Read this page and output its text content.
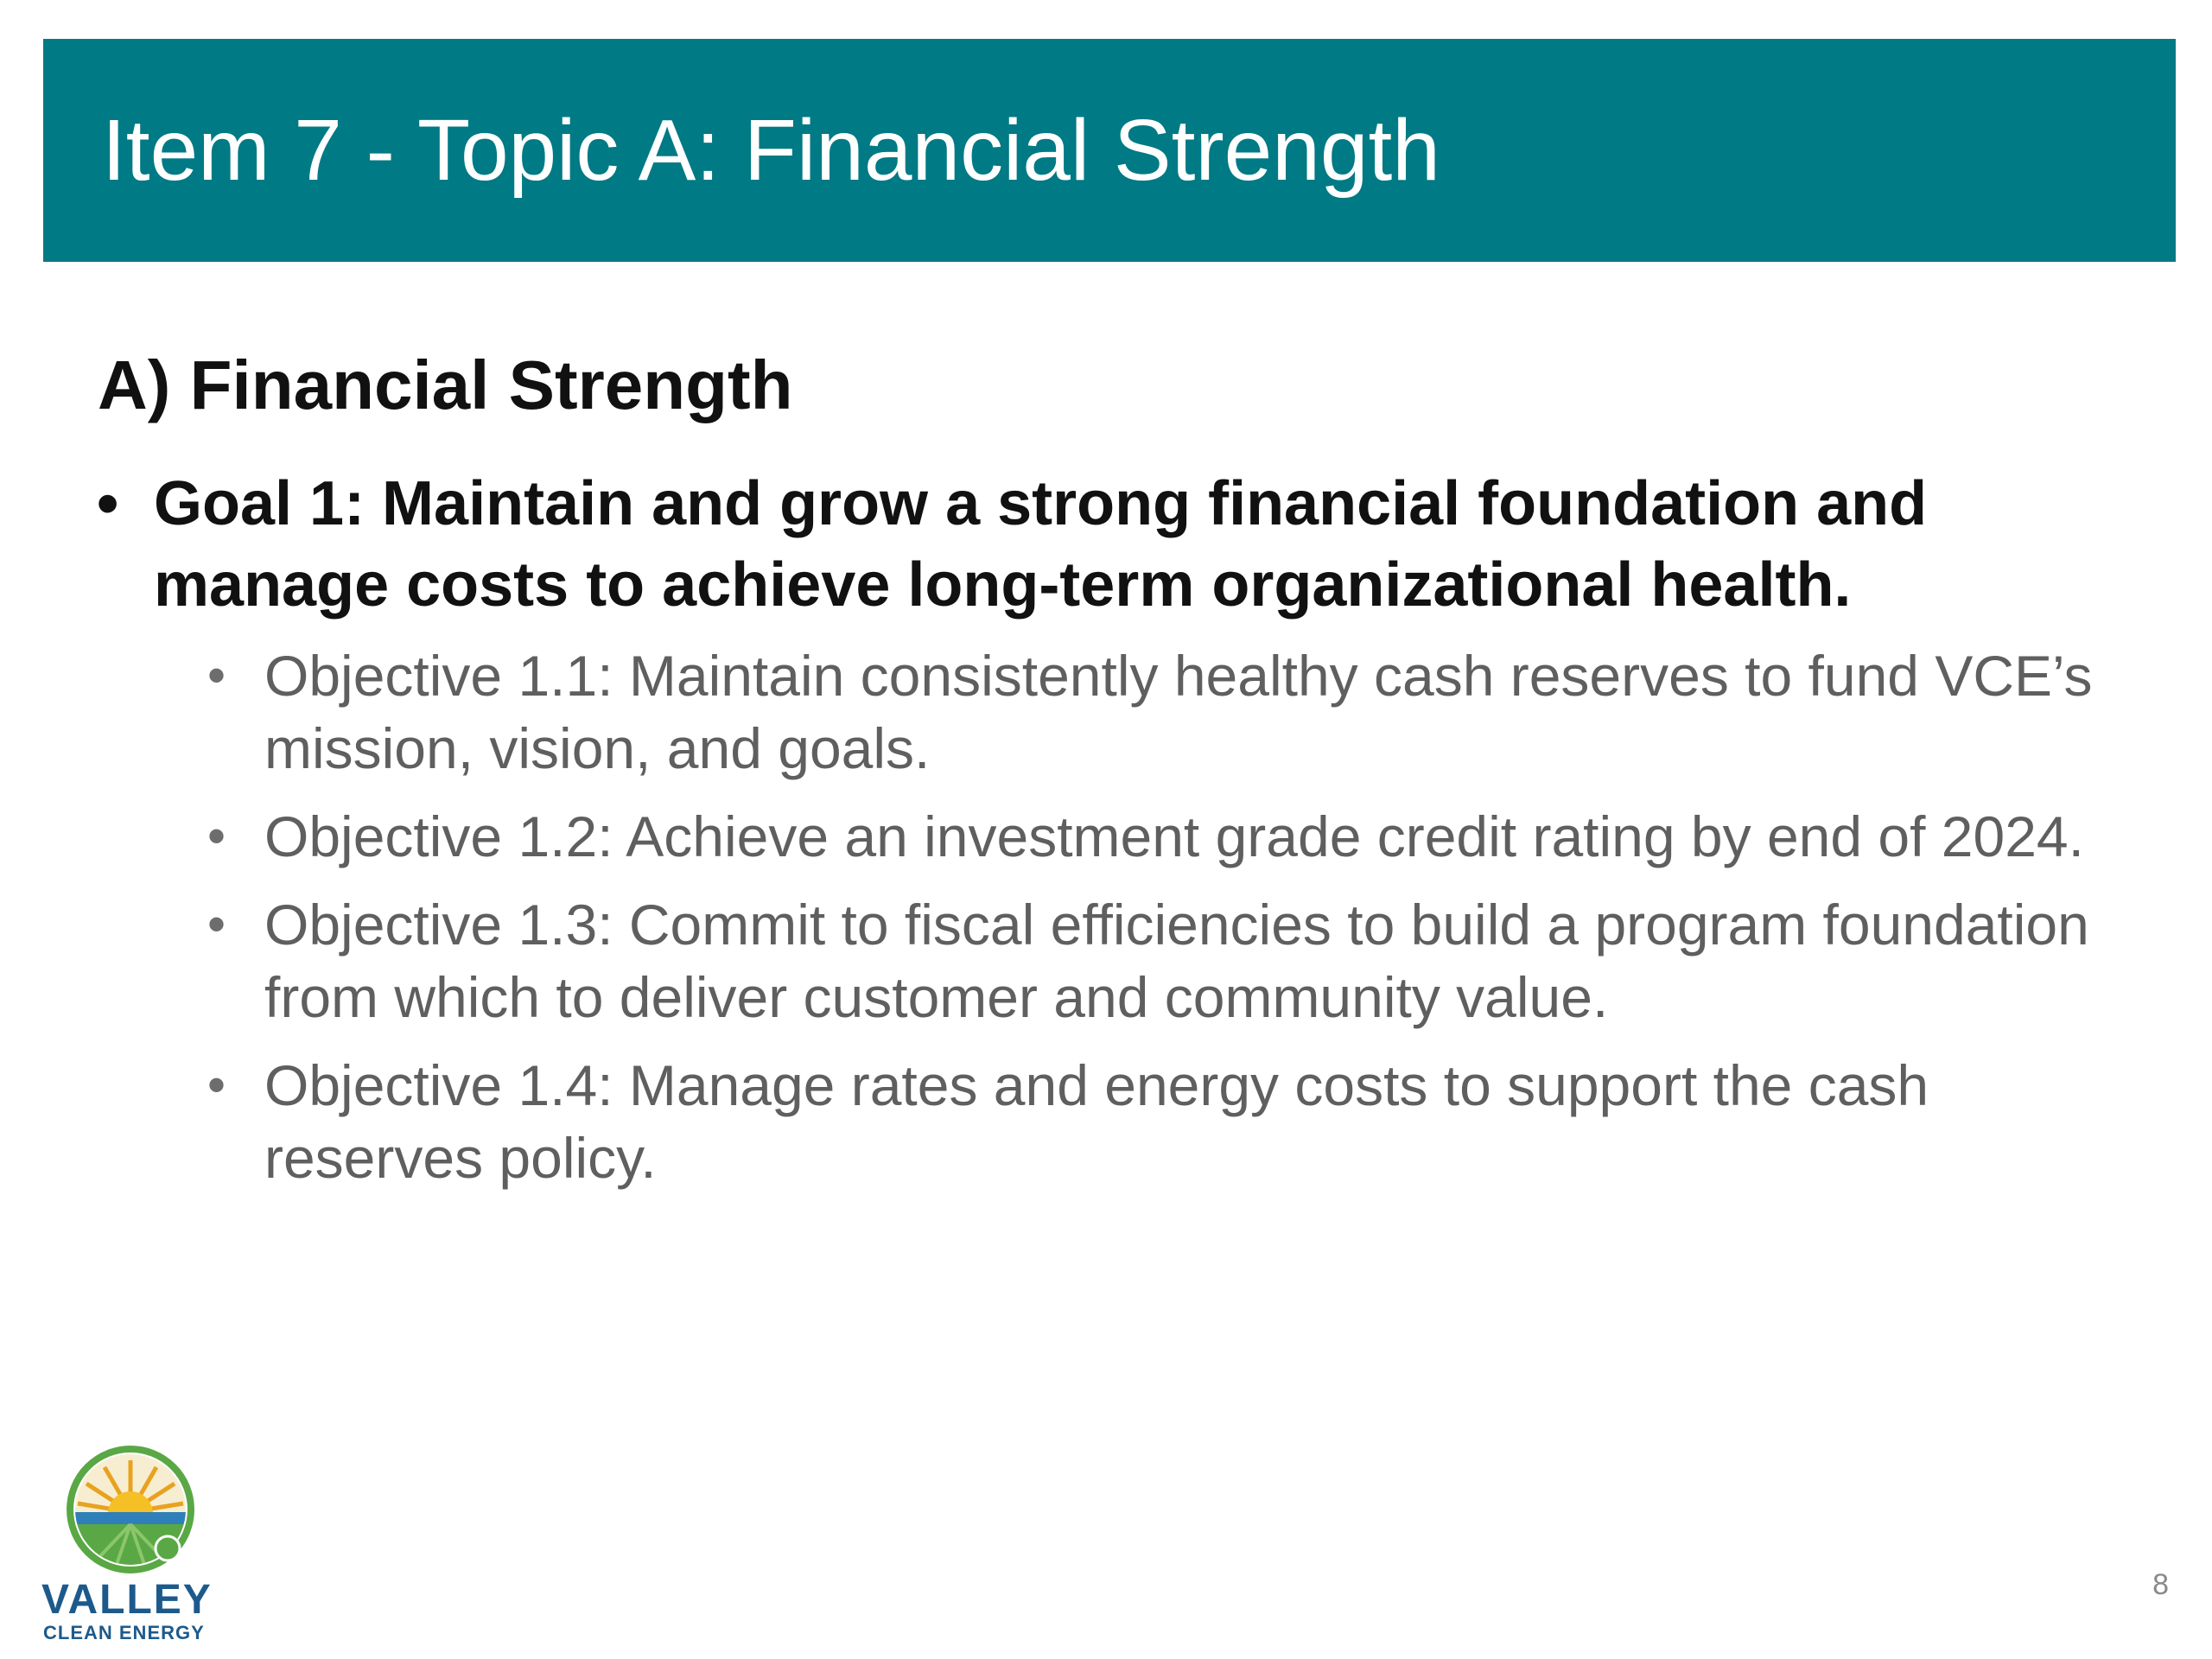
Item 7 - Topic A: Financial Strength
A) Financial Strength
• Goal 1: Maintain and grow a strong financial foundation and manage costs to achieve long-term organizational health.
• Objective 1.1: Maintain consistently healthy cash reserves to fund VCE’s mission, vision, and goals.
• Objective 1.2: Achieve an investment grade credit rating by end of 2024.
• Objective 1.3: Commit to fiscal efficiencies to build a program foundation from which to deliver customer and community value.
• Objective 1.4: Manage rates and energy costs to support the cash reserves policy.
VALLEY
CLEAN ENERGY
8
